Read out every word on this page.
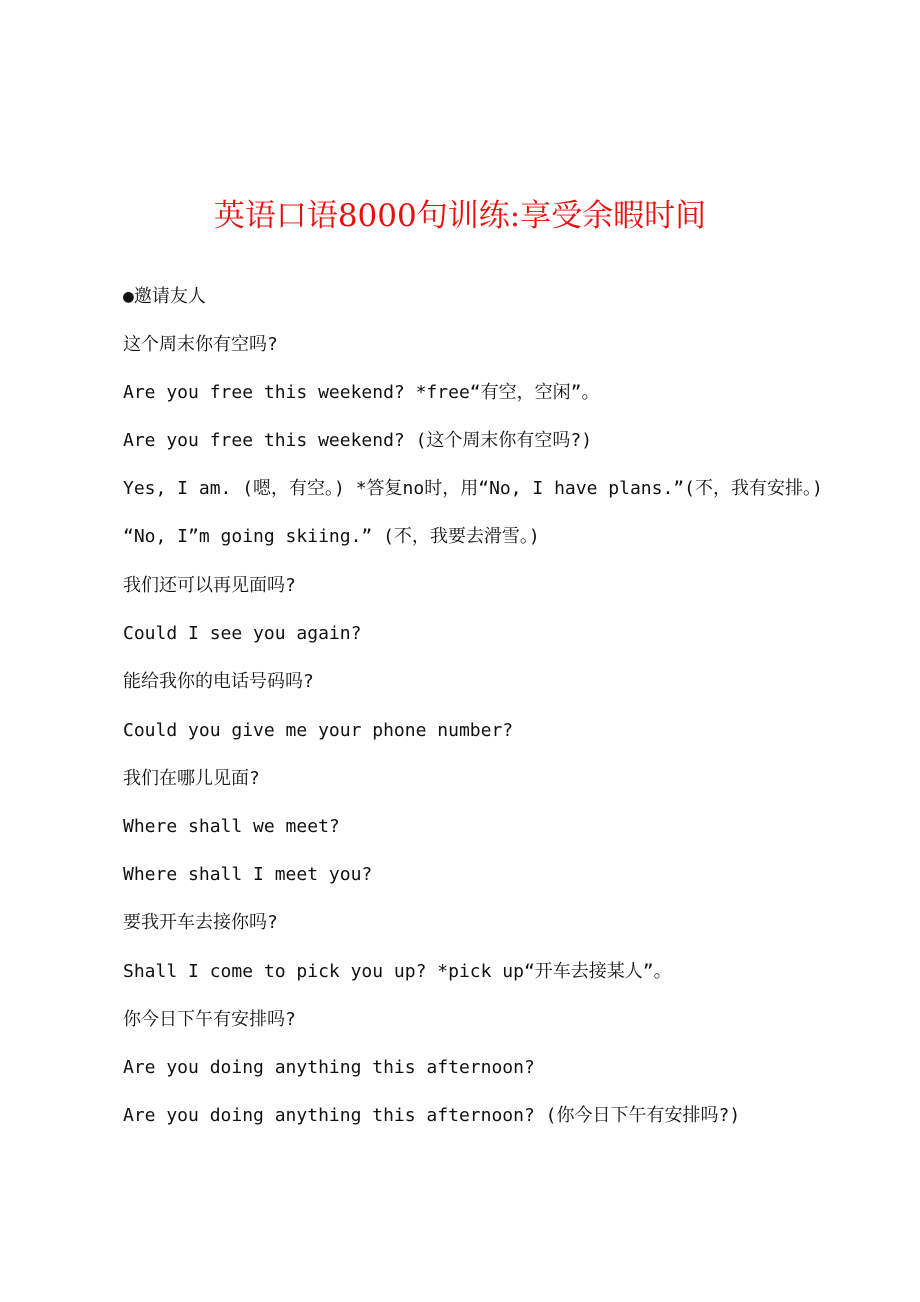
英语口语8000句训练:享受余暇时间
●邀请友人
这个周末你有空吗?
Are you free this weekend? *free“有空，空闲”。
Are you free this weekend? (这个周末你有空吗?)
Yes, I am. (嗯，有空。) *答复no时，用“No, I have plans.”(不，我有安排。) “No, I”m going skiing.” (不，我要去滑雪。)
我们还可以再见面吗?
Could I see you again?
能给我你的电话号码吗?
Could you give me your phone number?
我们在哪儿见面?
Where shall we meet?
Where shall I meet you?
要我开车去接你吗?
Shall I come to pick you up? *pick up“开车去接某人”。
你今日下午有安排吗?
Are you doing anything this afternoon?
Are you doing anything this afternoon? (你今日下午有安排吗?)
